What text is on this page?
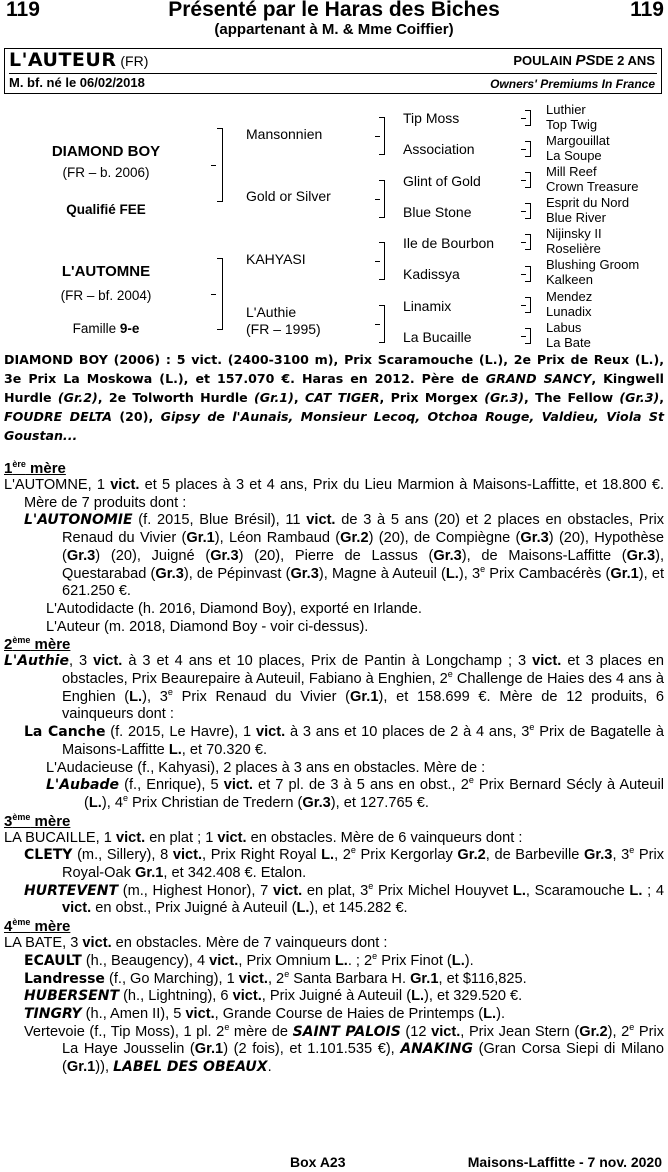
119	Présenté par le Haras des Biches	119
(appartenant à M. & Mme Coiffier)
L'AUTEUR (FR)	POULAIN PSDE 2 ANS
M. bf. né le 06/02/2018	Owners' Premiums In France
DIAMOND BOY
(FR – b. 2006)
Qualifié FEE
L'AUTOMNE
(FR – bf. 2004)
Famille 9-e
Mansonnien
Gold or Silver
KAHYASI
L'Authie
(FR – 1995)
Tip Moss
Association
Glint of Gold
Blue Stone
Ile de Bourbon
Kadissya
Linamix
La Bucaille
Luthier
Top Twig
Margouillat
La Soupe
Mill Reef
Crown Treasure
Esprit du Nord
Blue River
Nijinsky II
Roselière
Blushing Groom
Kalkeen
Mendez
Lunadix
Labus
La Bate
DIAMOND BOY (2006) : 5 vict. (2400-3100 m), Prix Scaramouche (L.), 2e Prix de Reux (L.), 3e Prix La Moskowa (L.), et 157.070 €. Haras en 2012. Père de GRAND SANCY, Kingwell Hurdle (Gr.2), 2e Tolworth Hurdle (Gr.1), CAT TIGER, Prix Morgex (Gr.3), The Fellow (Gr.3), FOUDRE DELTA (20), Gipsy de l'Aunais, Monsieur Lecoq, Otchoa Rouge, Valdieu, Viola St Goustan...

1ère mère

L'AUTOMNE, 1 vict. et 5 places à 3 et 4 ans, Prix du Lieu Marmion à Maisons-Laffitte, et 18.800 €. Mère de 7 produits dont :

L'AUTONOMIE (f. 2015, Blue Brésil), 11 vict. de 3 à 5 ans (20) et 2 places en obstacles, Prix Renaud du Vivier (Gr.1), Léon Rambaud (Gr.2) (20), de Compiègne (Gr.3) (20), Hypothèse (Gr.3) (20), Juigné (Gr.3) (20), Pierre de Lassus (Gr.3), de Maisons-Laffitte (Gr.3), Questarabad (Gr.3), de Pépinvast (Gr.3), Magne à Auteuil (L.), 3e Prix Cambacérès (Gr.1), et 621.250 €.

L'Autodidacte (h. 2016, Diamond Boy), exporté en Irlande.

L'Auteur (m. 2018, Diamond Boy - voir ci-dessus).

2ème mère

L'Authie, 3 vict. à 3 et 4 ans et 10 places, Prix de Pantin à Longchamp ; 3 vict. et 3 places en obstacles, Prix Beaurepaire à Auteuil, Fabiano à Enghien, 2e Challenge de Haies des 4 ans à Enghien (L.), 3e Prix Renaud du Vivier (Gr.1), et 158.699 €. Mère de 12 produits, 6 vainqueurs dont :

La Canche (f. 2015, Le Havre), 1 vict. à 3 ans et 10 places de 2 à 4 ans, 3e Prix de Bagatelle à Maisons-Laffitte L., et 70.320 €.

L'Audacieuse (f., Kahyasi), 2 places à 3 ans en obstacles. Mère de :

L'Aubade (f., Enrique), 5 vict. et 7 pl. de 3 à 5 ans en obst., 2e Prix Bernard Sécly à Auteuil (L.), 4e Prix Christian de Tredern (Gr.3), et 127.765 €.

3ème mère

LA BUCAILLE, 1 vict. en plat ; 1 vict. en obstacles. Mère de 6 vainqueurs dont :

CLETY (m., Sillery), 8 vict., Prix Right Royal L., 2e Prix Kergorlay Gr.2, de Barbeville Gr.3, 3e Prix Royal-Oak Gr.1, et 342.408 €. Etalon.

HURTEVENT (m., Highest Honor), 7 vict. en plat, 3e Prix Michel Houyvet L., Scaramouche L. ; 4 vict. en obst., Prix Juigné à Auteuil (L.), et 145.282 €.

4ème mère

LA BATE, 3 vict. en obstacles. Mère de 7 vainqueurs dont :

ECAULT (h., Beaugency), 4 vict., Prix Omnium L.. ; 2e Prix Finot (L.).

Landresse (f., Go Marching), 1 vict., 2e Santa Barbara H. Gr.1, et $116,825.

HUBERSENT (h., Lightning), 6 vict., Prix Juigné à Auteuil (L.), et 329.520 €.

TINGRY (h., Amen II), 5 vict., Grande Course de Haies de Printemps (L.).

Vertevoie (f., Tip Moss), 1 pl. 2e mère de SAINT PALOIS (12 vict., Prix Jean Stern (Gr.2), 2e Prix La Haye Jousselin (Gr.1) (2 fois), et 1.101.535 €), ANAKING (Gran Corsa Siepi di Milano (Gr.1)), LABEL DES OBEAUX.

Box A23	Maisons-Laffitte - 7 nov. 2020
